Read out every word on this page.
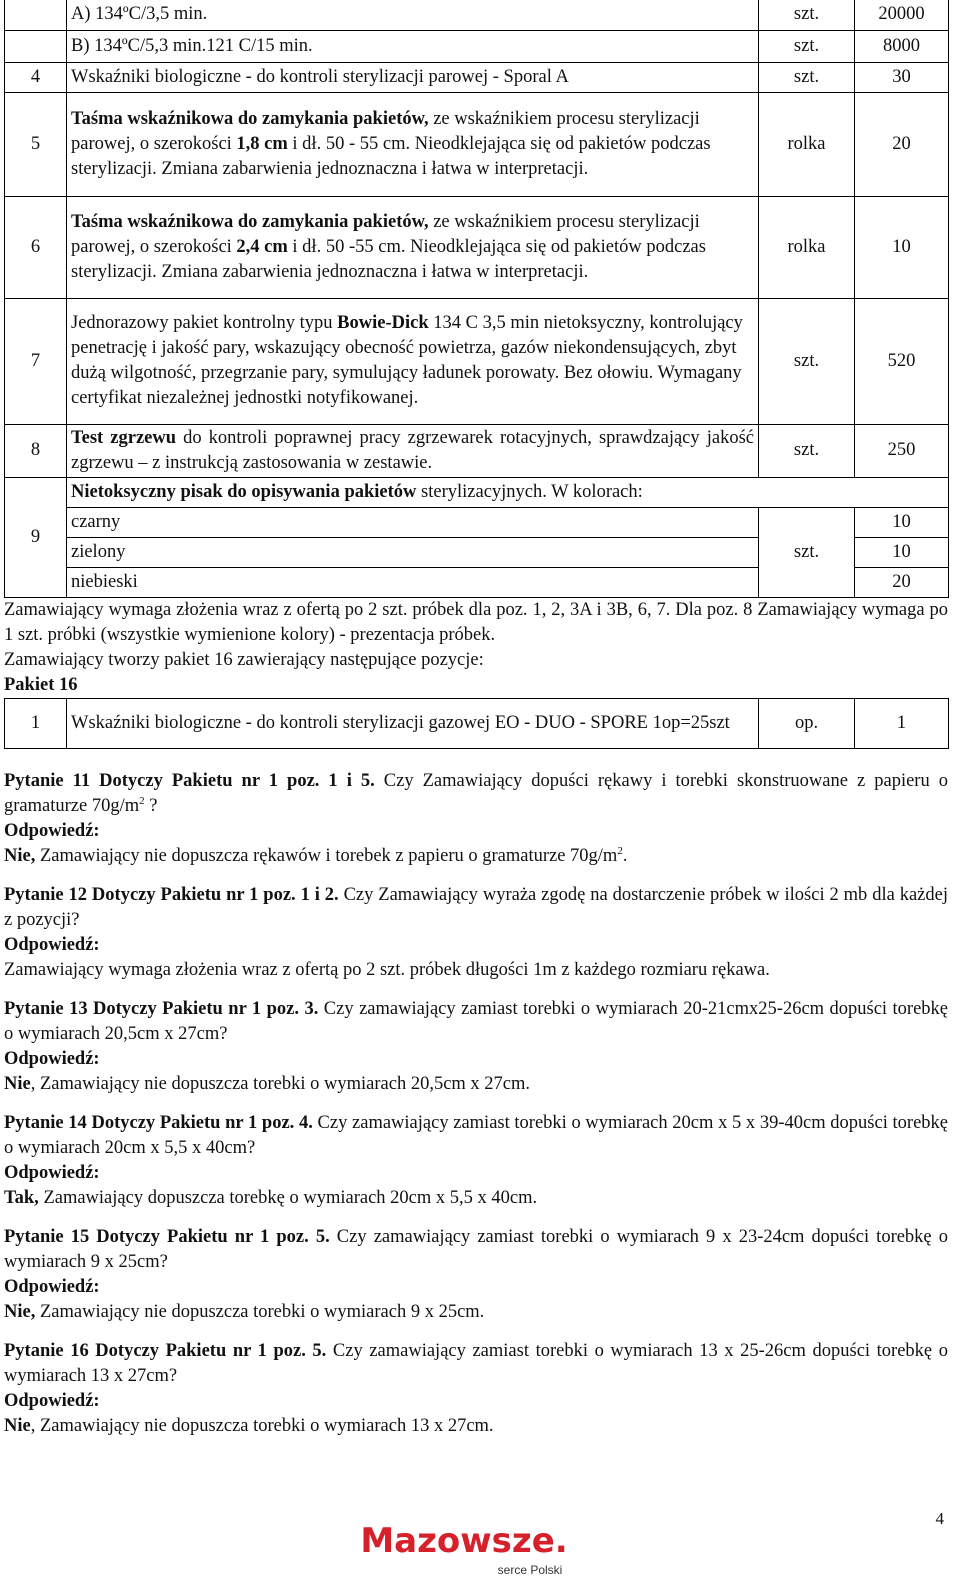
	A) 134ºC/3,5 min.	szt.	20000
	B) 134ºC/5,3 min.121 C/15 min.	szt.	8000
4	Wskaźniki biologiczne - do kontroli sterylizacji parowej - Sporal A	szt.	30
5	Taśma wskaźnikowa do zamykania pakietów, ze wskaźnikiem procesu sterylizacji parowej, o szerokości 1,8 cm i dł. 50 - 55 cm. Nieodklejająca się od pakietów podczas sterylizacji. Zmiana zabarwienia jednoznaczna i łatwa w interpretacji.	rolka	20
6	Taśma wskaźnikowa do zamykania pakietów, ze wskaźnikiem procesu sterylizacji parowej, o szerokości 2,4 cm i dł. 50 -55 cm. Nieodklejająca się od pakietów podczas sterylizacji. Zmiana zabarwienia jednoznaczna i łatwa w interpretacji.	rolka	10
7	Jednorazowy pakiet kontrolny typu Bowie-Dick 134 C 3,5 min nietoksyczny, kontrolujący penetrację i jakość pary, wskazujący obecność powietrza, gazów niekondensujących, zbyt dużą wilgotność, przegrzanie pary, symulujący ładunek porowaty. Bez ołowiu. Wymagany certyfikat niezależnej jednostki notyfikowanej.	szt.	520
8	Test zgrzewu do kontroli poprawnej pracy zgrzewarek rotacyjnych, sprawdzający jakość zgrzewu – z instrukcją zastosowania w zestawie.	szt.	250
9	Nietoksyczny pisak do opisywania pakietów sterylizacyjnych. W kolorach:		
	czarny	szt.	10
	zielony		10
	niebieski		20

Zamawiający wymaga złożenia wraz z ofertą po 2 szt. próbek dla poz. 1, 2, 3A i 3B, 6, 7. Dla poz. 8 Zamawiający wymaga po 1 szt. próbki (wszystkie wymienione kolory) - prezentacja próbek.

Zamawiający tworzy pakiet 16 zawierający następujące pozycje:

Pakiet 16

1	Wskaźniki biologiczne - do kontroli sterylizacji gazowej EO - DUO - SPORE 1op=25szt	op.	1

Pytanie 11 Dotyczy Pakietu nr 1 poz. 1 i 5. Czy Zamawiający dopuści rękawy i torebki skonstruowane z papieru o gramaturze $70g/m^2$ ?

Odpowiedź:

Nie, Zamawiający nie dopuszcza rękawów i torebek z papieru o gramaturze $70g/m^2$.

Pytanie 12 Dotyczy Pakietu nr 1 poz. 1 i 2. Czy Zamawiający wyraża zgodę na dostarczenie próbek w ilości 2 mb dla każdej z pozycji?

Odpowiedź:

Zamawiający wymaga złożenia wraz z ofertą po 2 szt. próbek długości 1m z każdego rozmiaru rękawa.

Pytanie 13 Dotyczy Pakietu nr 1 poz. 3. Czy zamawiający zamiast torebki o wymiarach 20-21cmx25-26cm dopuści torebkę o wymiarach 20,5cm x 27cm?

Odpowiedź:

Nie, Zamawiający nie dopuszcza torebki o wymiarach 20,5cm x 27cm.

Pytanie 14 Dotyczy Pakietu nr 1 poz. 4. Czy zamawiający zamiast torebki o wymiarach 20cm x 5 x 39-40cm dopuści torebkę o wymiarach 20cm x 5,5 x 40cm?

Odpowiedź:

Tak, Zamawiający dopuszcza torebkę o wymiarach 20cm x 5,5 x 40cm.

Pytanie 15 Dotyczy Pakietu nr 1 poz. 5. Czy zamawiający zamiast torebki o wymiarach 9 x 23-24cm dopuści torebkę o wymiarach 9 x 25cm?

Odpowiedź:

Nie, Zamawiający nie dopuszcza torebki o wymiarach 9 x 25cm.

Pytanie 16 Dotyczy Pakietu nr 1 poz. 5. Czy zamawiający zamiast torebki o wymiarach 13 x 25-26cm dopuści torebkę o wymiarach 13 x 27cm?

Odpowiedź:

Nie, Zamawiający nie dopuszcza torebki o wymiarach 13 x 27cm.

4
Mazowsze.
serce Polski
